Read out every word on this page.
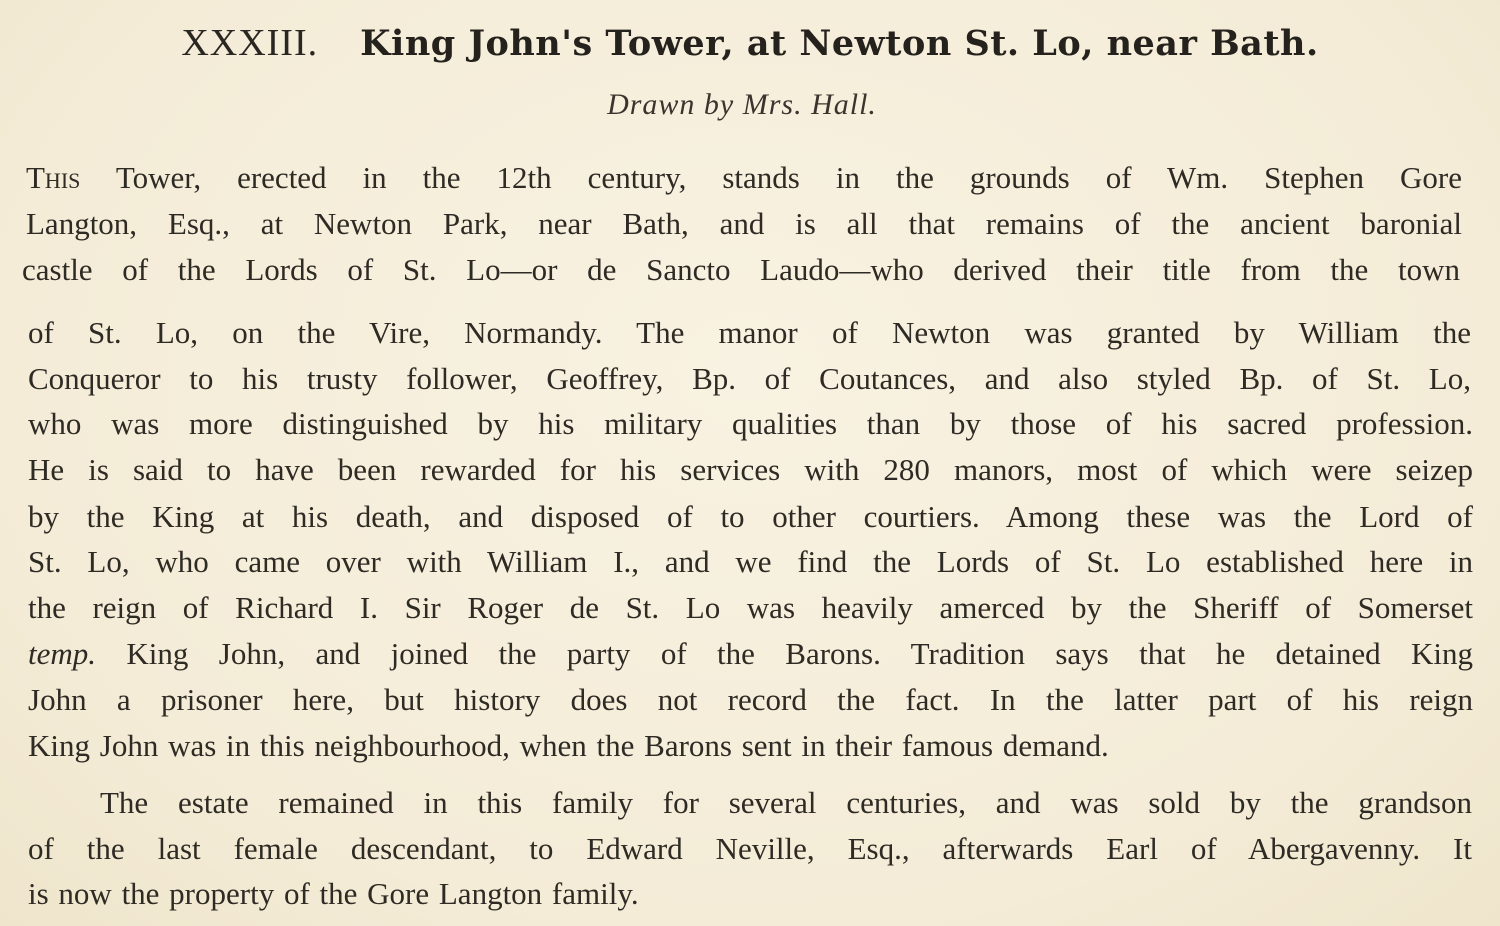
XXXIII. King John's Tower, at Newton St. Lo, near Bath.
Drawn by Mrs. Hall.
This Tower, erected in the 12th century, stands in the grounds of Wm. Stephen Gore
Langton, Esq., at Newton Park, near Bath, and is all that remains of the ancient baronial
castle of the Lords of St. Lo—or de Sancto Laudo—who derived their title from the town
of St. Lo, on the Vire, Normandy. The manor of Newton was granted by William the
Conqueror to his trusty follower, Geoffrey, Bp. of Coutances, and also styled Bp. of St. Lo,
who was more distinguished by his military qualities than by those of his sacred profession.
He is said to have been rewarded for his services with 280 manors, most of which were seizep
by the King at his death, and disposed of to other courtiers. Among these was the Lord of
St. Lo, who came over with William I., and we find the Lords of St. Lo established here in
the reign of Richard I. Sir Roger de St. Lo was heavily amerced by the Sheriff of Somerset
temp. King John, and joined the party of the Barons. Tradition says that he detained King
John a prisoner here, but history does not record the fact. In the latter part of his reign
King John was in this neighbourhood, when the Barons sent in their famous demand.
The estate remained in this family for several centuries, and was sold by the grandson
of the last female descendant, to Edward Neville, Esq., afterwards Earl of Abergavenny. It
is now the property of the Gore Langton family.
